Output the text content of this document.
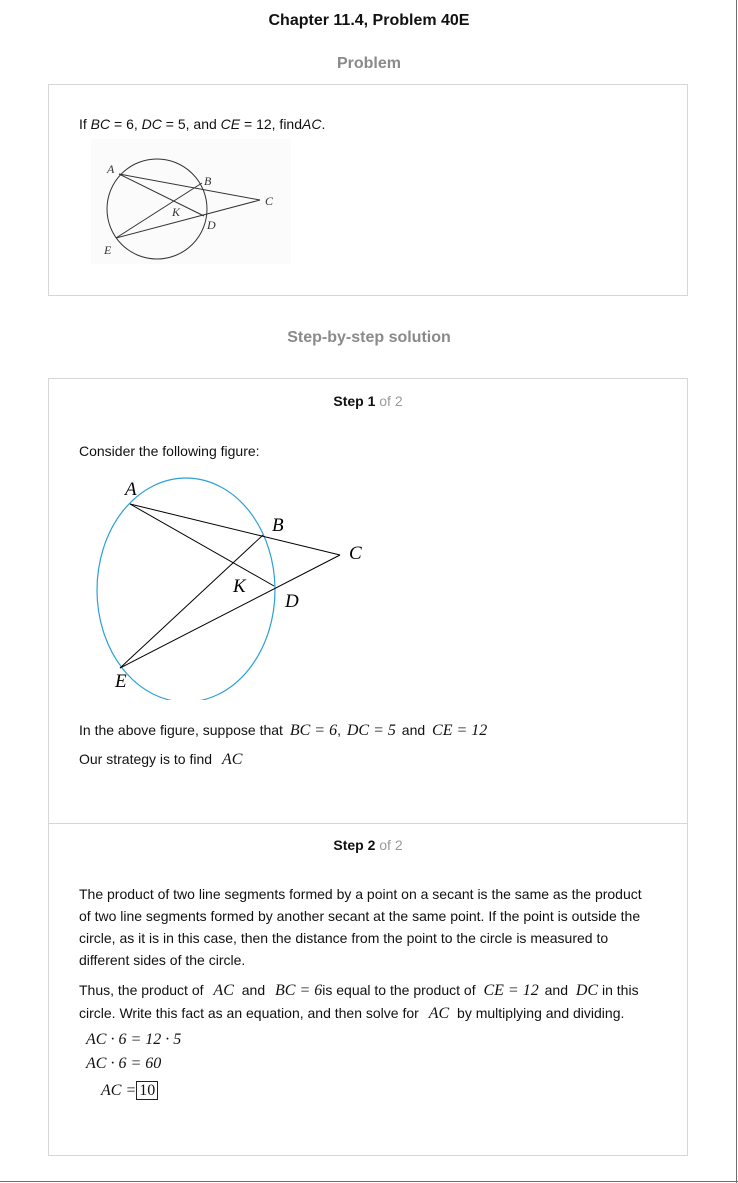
Chapter 11.4, Problem 40E
Problem
If BC = 6, DC = 5, and CE = 12, findAC.
A
B
C
D
E
K
Step-by-step solution
Step 1 of 2
Consider the following figure:
A
B
C
D
E
K
In the above figure, suppose that BC = 6, DC = 5 and CE = 12
Our strategy is to find AC
Step 2 of 2
The product of two line segments formed by a point on a secant is the same as the product
of two line segments formed by another secant at the same point. If the point is outside the
circle, as it is in this case, then the distance from the point to the circle is measured to
different sides of the circle.
Thus, the product of AC and BC = 6is equal to the product of CE = 12 and DC in this
circle. Write this fact as an equation, and then solve for AC by multiplying and dividing.
AC · 6 = 12 · 5
AC · 6 = 60
AC = 10
